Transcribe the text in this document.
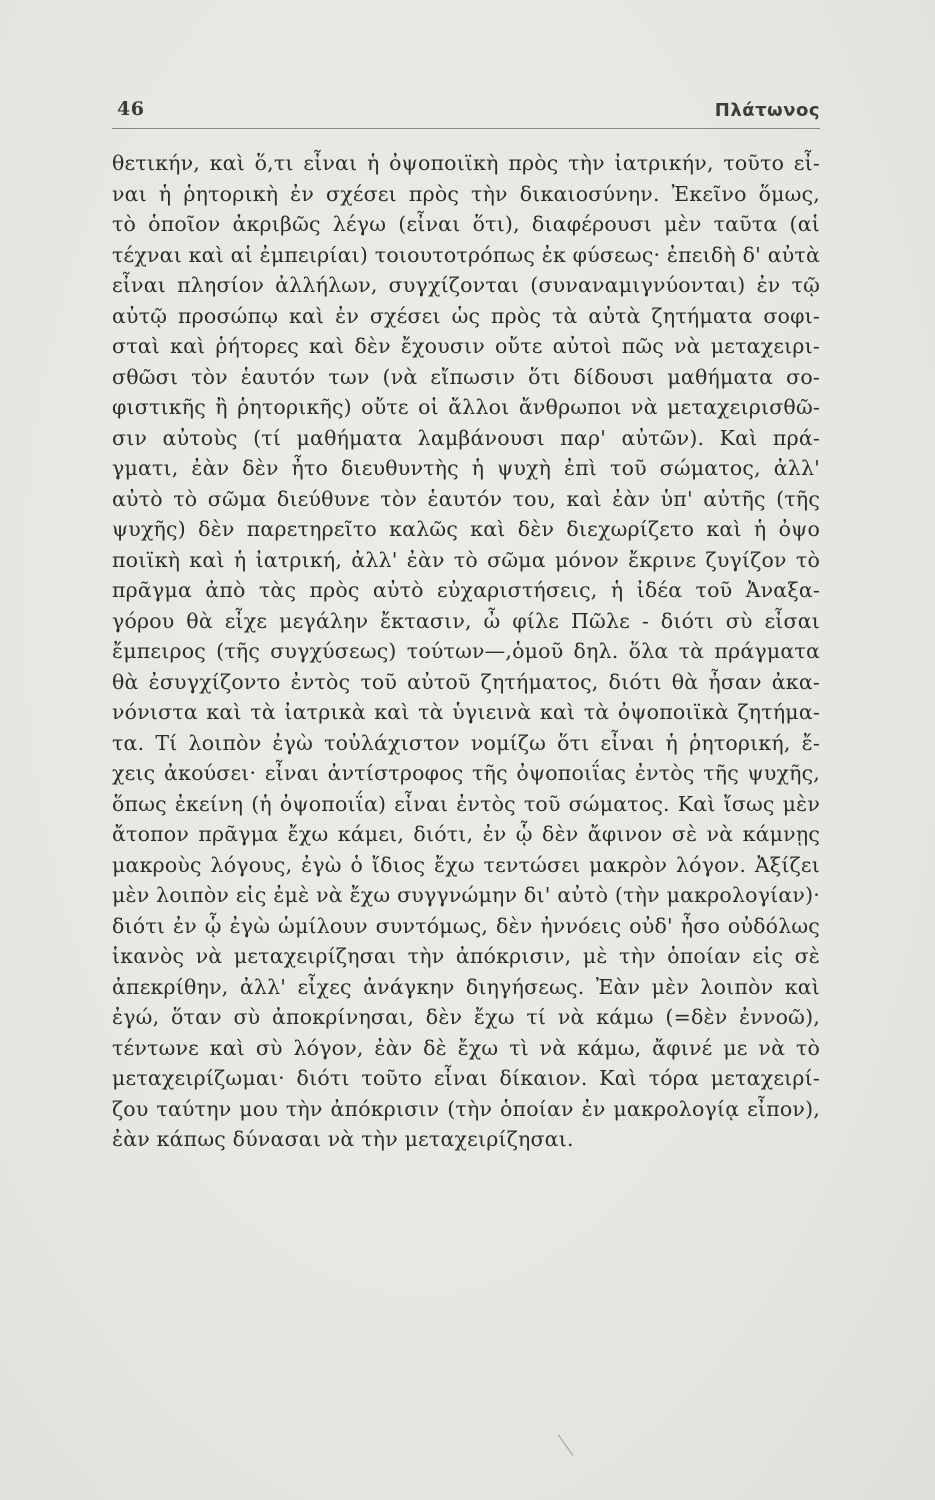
46	Πλάτωνος
θετικήν, καὶ ὅ,τι εἶναι ἡ ὀψοποιϊκὴ πρὸς τὴν ἰατρικήν, τοῦτο εἶ-
ναι ἡ ῥητορικὴ ἐν σχέσει πρὸς τὴν δικαιοσύνην. Ἐκεῖνο ὅμως,
τὸ ὁποῖον ἀκριβῶς λέγω (εἶναι ὅτι), διαφέρουσι μὲν ταῦτα (αἱ
τέχναι καὶ αἱ ἐμπειρίαι) τοιουτοτρόπως ἐκ φύσεως· ἐπειδὴ δ' αὐτὰ
εἶναι πλησίον ἀλλήλων, συγχίζονται (συναναμιγνύονται) ἐν τῷ
αὐτῷ προσώπῳ καὶ ἐν σχέσει ὡς πρὸς τὰ αὐτὰ ζητήματα σοφι-
σταὶ καὶ ῥήτορες καὶ δὲν ἔχουσιν οὔτε αὐτοὶ πῶς νὰ μεταχειρι-
σθῶσι τὸν ἑαυτόν των (νὰ εἴπωσιν ὅτι δίδουσι μαθήματα σο-
φιστικῆς ἢ ῥητορικῆς) οὔτε οἱ ἄλλοι ἄνθρωποι νὰ μεταχειρισθῶ-
σιν αὐτοὺς (τί μαθήματα λαμβάνουσι παρ' αὐτῶν). Καὶ πρά-
γματι, ἐὰν δὲν ἦτο διευθυντὴς ἡ ψυχὴ ἐπὶ τοῦ σώματος, ἀλλ'
αὐτὸ τὸ σῶμα διεύθυνε τὸν ἑαυτόν του, καὶ ἐὰν ὑπ' αὐτῆς (τῆς
ψυχῆς) δὲν παρετηρεῖτο καλῶς καὶ δὲν διεχωρίζετο καὶ ἡ ὀψο
ποιϊκὴ καὶ ἡ ἰατρική, ἀλλ' ἐὰν τὸ σῶμα μόνον ἔκρινε ζυγίζον τὸ
πρᾶγμα ἀπὸ τὰς πρὸς αὐτὸ εὐχαριστήσεις, ἡ ἰδέα τοῦ Ἀναξα-
γόρου θὰ εἶχε μεγάλην ἔκτασιν, ὦ φίλε Πῶλε - διότι σὺ εἶσαι
ἔμπειρος (τῆς συγχύσεως) τούτων—,ὁμοῦ δηλ. ὅλα τὰ πράγματα
θὰ ἐσυγχίζοντο ἐντὸς τοῦ αὐτοῦ ζητήματος, διότι θὰ ἦσαν ἀκα-
νόνιστα καὶ τὰ ἰατρικὰ καὶ τὰ ὑγιεινὰ καὶ τὰ ὀψοποιϊκὰ ζητήμα-
τα. Τί λοιπὸν ἐγὼ τοὐλάχιστον νομίζω ὅτι εἶναι ἡ ῥητορική, ἔ-
χεις ἀκούσει· εἶναι ἀντίστροφος τῆς ὀψοποιΐας ἐντὸς τῆς ψυχῆς,
ὅπως ἐκείνη (ἡ ὀψοποιΐα) εἶναι ἐντὸς τοῦ σώματος. Καὶ ἴσως μὲν
ἄτοπον πρᾶγμα ἔχω κάμει, διότι, ἐν ᾧ δὲν ἄφινον σὲ νὰ κάμνῃς
μακροὺς λόγους, ἐγὼ ὁ ἴδιος ἔχω τεντώσει μακρὸν λόγον. Ἀξίζει
μὲν λοιπὸν εἰς ἐμὲ νὰ ἔχω συγγνώμην δι' αὐτὸ (τὴν μακρολογίαν)·
διότι ἐν ᾧ ἐγὼ ὡμίλουν συντόμως, δὲν ἠννόεις οὐδ' ἦσο οὐδόλως
ἱκανὸς νὰ μεταχειρίζησαι τὴν ἀπόκρισιν, μὲ τὴν ὁποίαν εἰς σὲ
ἀπεκρίθην, ἀλλ' εἶχες ἀνάγκην διηγήσεως. Ἐὰν μὲν λοιπὸν καὶ
ἐγώ, ὅταν σὺ ἀποκρίνησαι, δὲν ἔχω τί νὰ κάμω (=δὲν ἐννοῶ),
τέντωνε καὶ σὺ λόγον, ἐὰν δὲ ἔχω τὶ νὰ κάμω, ἄφινέ με νὰ τὸ
μεταχειρίζωμαι· διότι τοῦτο εἶναι δίκαιον. Καὶ τόρα μεταχειρί-
ζου ταύτην μου τὴν ἀπόκρισιν (τὴν ὁποίαν ἐν μακρολογίᾳ εἶπον),
ἐὰν κάπως δύνασαι νὰ τὴν μεταχειρίζησαι.
